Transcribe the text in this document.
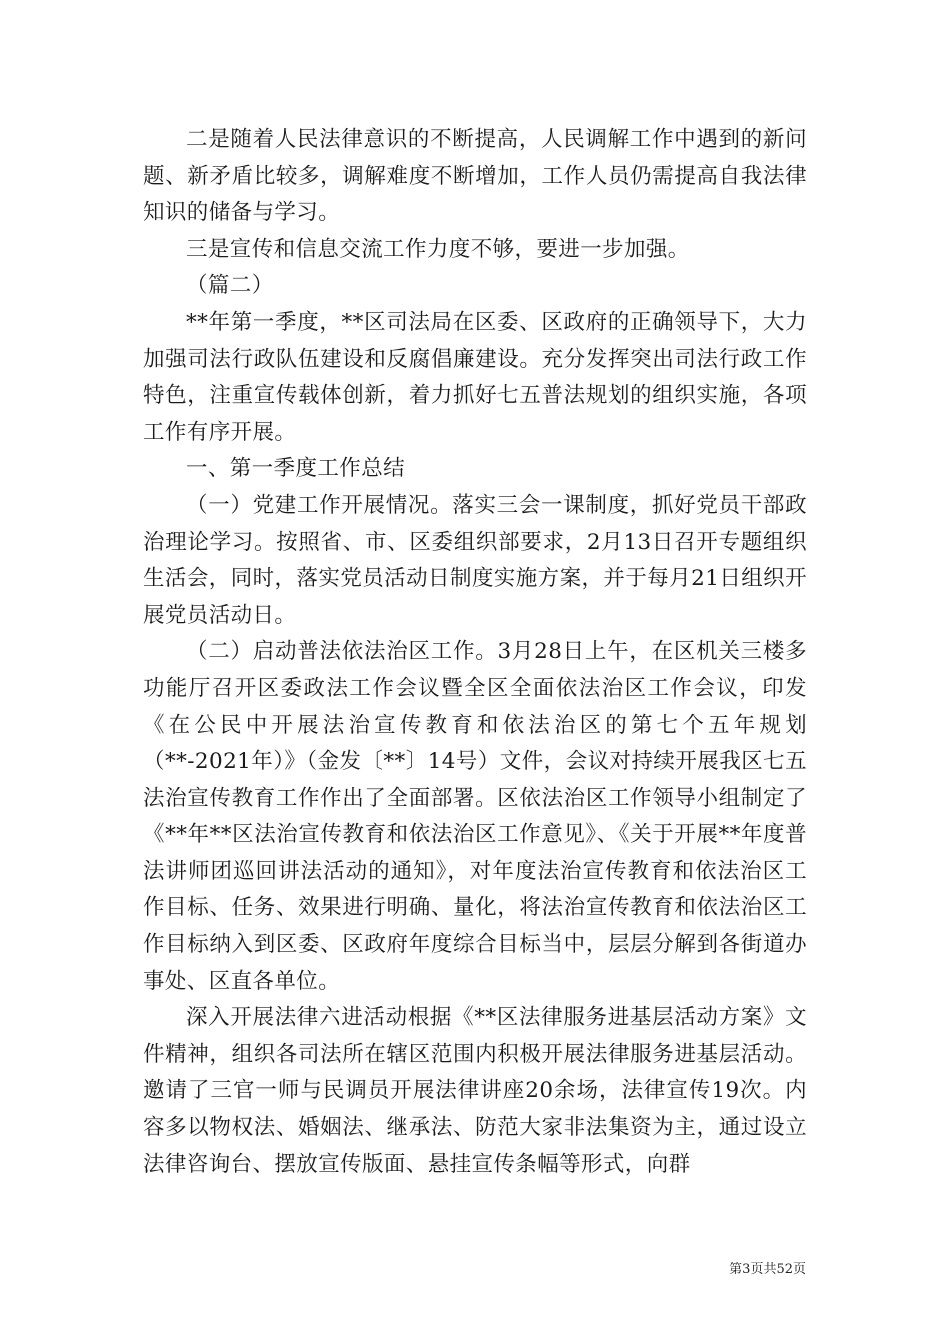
二是随着人民法律意识的不断提高，人民调解工作中遇到的新问题、新矛盾比较多，调解难度不断增加，工作人员仍需提高自我法律知识的储备与学习。

三是宣传和信息交流工作力度不够，要进一步加强。

（篇二）

**年第一季度，**区司法局在区委、区政府的正确领导下，大力加强司法行政队伍建设和反腐倡廉建设。充分发挥突出司法行政工作特色，注重宣传载体创新，着力抓好七五普法规划的组织实施，各项工作有序开展。

一、第一季度工作总结

（一）党建工作开展情况。落实三会一课制度，抓好党员干部政治理论学习。按照省、市、区委组织部要求，2月13日召开专题组织生活会，同时，落实党员活动日制度实施方案，并于每月21日组织开展党员活动日。

（二）启动普法依法治区工作。3月28日上午，在区机关三楼多功能厅召开区委政法工作会议暨全区全面依法治区工作会议，印发《在公民中开展法治宣传教育和依法治区的第七个五年规划（**-2021年）》（金发〔**〕14号）文件，会议对持续开展我区七五法治宣传教育工作作出了全面部署。区依法治区工作领导小组制定了《**年**区法治宣传教育和依法治区工作意见》、《关于开展**年度普法讲师团巡回讲法活动的通知》，对年度法治宣传教育和依法治区工作目标、任务、效果进行明确、量化，将法治宣传教育和依法治区工作目标纳入到区委、区政府年度综合目标当中，层层分解到各街道办事处、区直各单位。

深入开展法律六进活动根据《**区法律服务进基层活动方案》文件精神，组织各司法所在辖区范围内积极开展法律服务进基层活动。邀请了三官一师与民调员开展法律讲座20余场，法律宣传19次。内容多以物权法、婚姻法、继承法、防范大家非法集资为主，通过设立法律咨询台、摆放宣传版面、悬挂宣传条幅等形式，向群

第3页共52页
